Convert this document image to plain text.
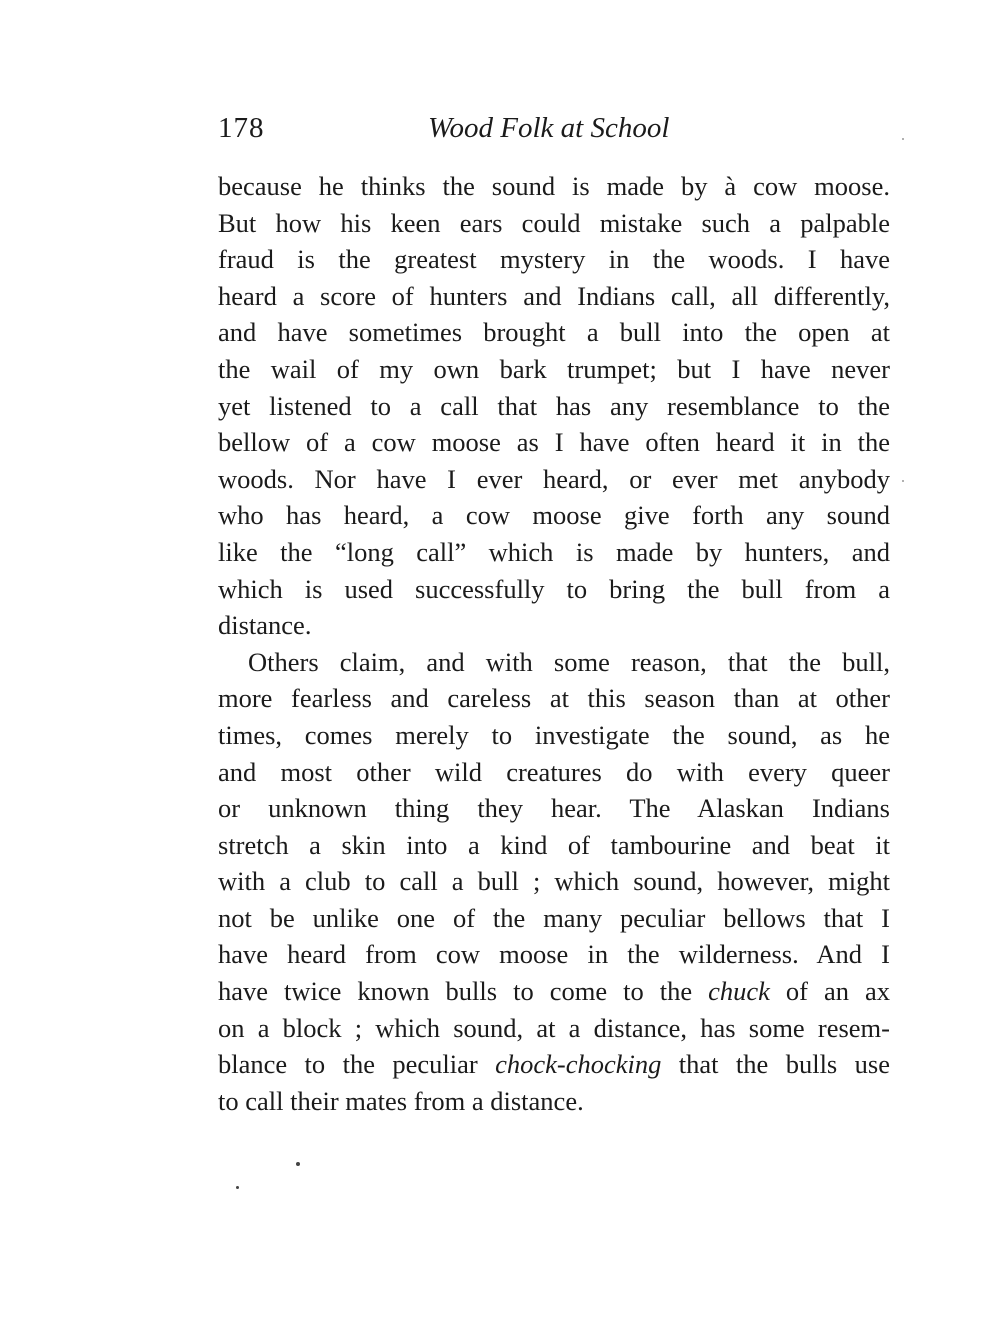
178	Wood Folk at School

because he thinks the sound is made by à cow moose.
But how his keen ears could mistake such a palpable
fraud is the greatest mystery in the woods. I have
heard a score of hunters and Indians call, all differently,
and have sometimes brought a bull into the open at
the wail of my own bark trumpet; but I have never
yet listened to a call that has any resemblance to the
bellow of a cow moose as I have often heard it in the
woods. Nor have I ever heard, or ever met anybody
who has heard, a cow moose give forth any sound
like the “long call” which is made by hunters, and
which is used successfully to bring the bull from a
distance.

Others claim, and with some reason, that the bull,
more fearless and careless at this season than at other
times, comes merely to investigate the sound, as he
and most other wild creatures do with every queer
or unknown thing they hear. The Alaskan Indians
stretch a skin into a kind of tambourine and beat it
with a club to call a bull ; which sound, however, might
not be unlike one of the many peculiar bellows that I
have heard from cow moose in the wilderness. And I
have twice known bulls to come to the chuck of an ax
on a block ; which sound, at a distance, has some resem-
blance to the peculiar chock-chocking that the bulls use
to call their mates from a distance.
